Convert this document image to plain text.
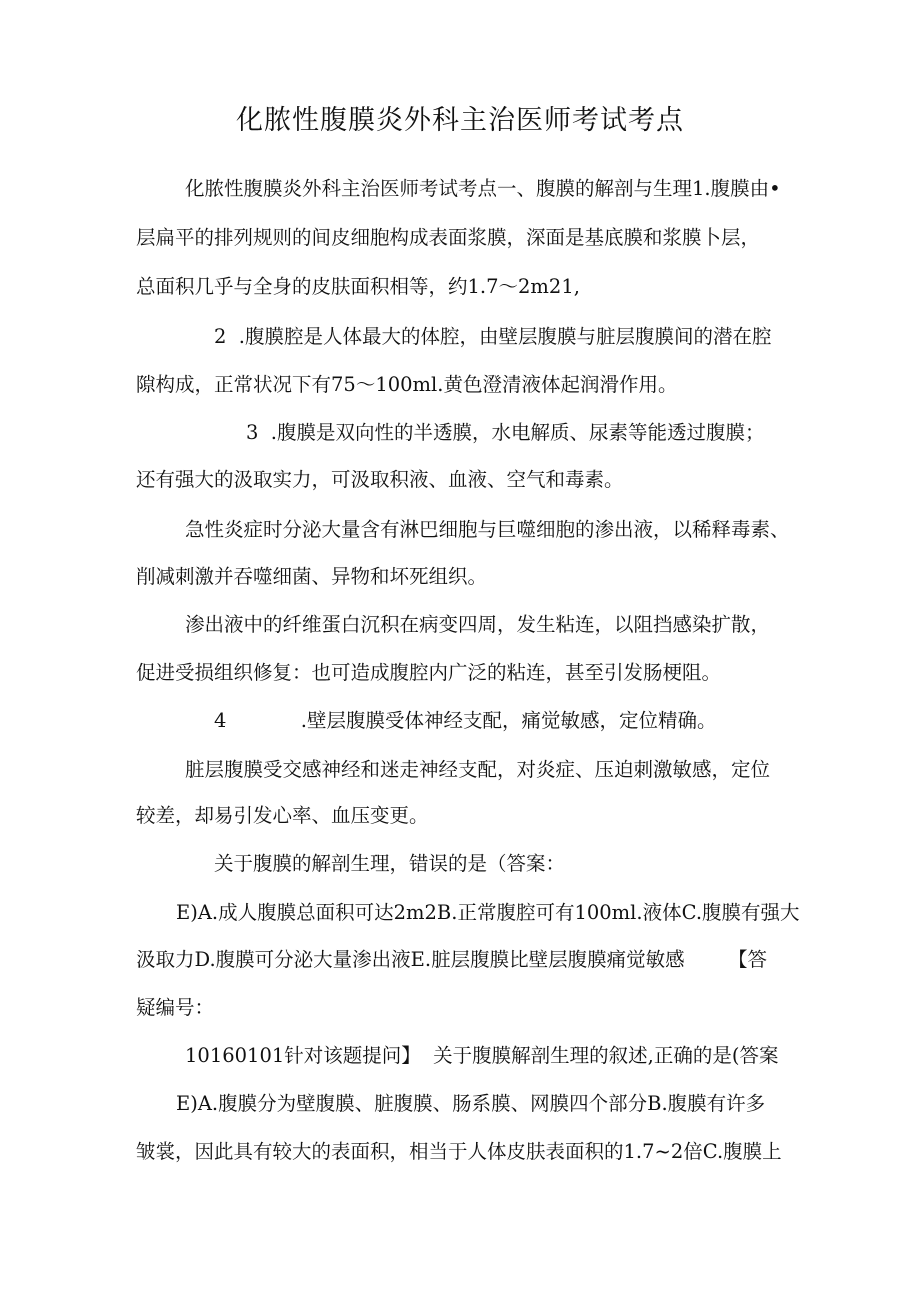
化脓性腹膜炎外科主治医师考试考点
化脓性腹膜炎外科主治医师考试考点一、腹膜的解剖与生理1.腹膜由•
层扁平的排列规则的间皮细胞构成表面浆膜，深面是基底膜和浆膜卜层，
总面积几乎与全身的皮肤面积相等，约1.7～2m21,
2  .腹膜腔是人体最大的体腔，由壁层腹膜与脏层腹膜间的潜在腔
隙构成，正常状况下有75～100ml.黄色澄清液体起润滑作用。
3  .腹膜是双向性的半透膜，水电解质、尿素等能透过腹膜；
还有强大的汲取实力，可汲取积液、血液、空气和毒素。
急性炎症时分泌大量含有淋巴细胞与巨噬细胞的渗出液，以稀释毒素、
削减刺激并吞噬细菌、异物和坏死组织。
渗出液中的纤维蛋白沉积在病变四周，发生粘连，以阻挡感染扩散，
促进受损组织修复：也可造成腹腔内广泛的粘连，甚至引发肠梗阻。
4            .壁层腹膜受体神经支配，痛觉敏感，定位精确。
脏层腹膜受交感神经和迷走神经支配，对炎症、压迫刺激敏感，定位
较差，却易引发心率、血压变更。
关于腹膜的解剖生理，错误的是（答案：
E)A.成人腹膜总面积可达2m2B.正常腹腔可有100ml.液体C.腹膜有强大
汲取力D.腹膜可分泌大量渗出液E.脏层腹膜比壁层腹膜痛觉敏感       【答
疑编号：
10160101针对该题提问】  关于腹膜解剖生理的叙述,正确的是(答案
E)A.腹膜分为壁腹膜、脏腹膜、肠系膜、网膜四个部分B.腹膜有许多
皱裳，因此具有较大的表面积，相当于人体皮肤表面积的1.7~2倍C.腹膜上
